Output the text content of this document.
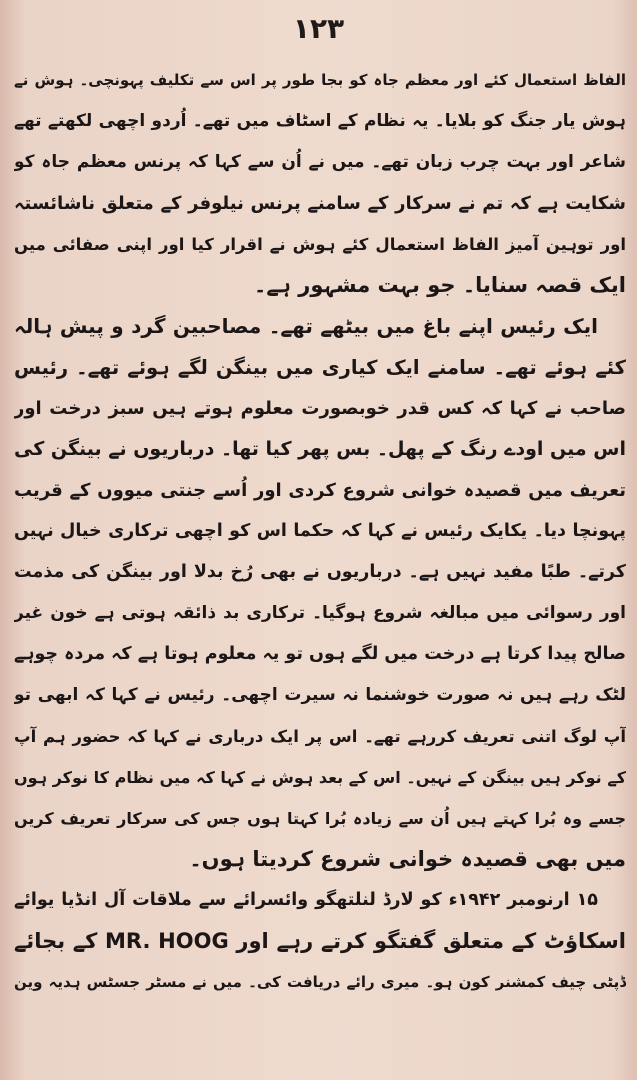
۱۲۳
الفاظ استعمال کئے اور معظم جاہ کو بجا طور پر اس سے تکلیف پہونچی۔ ہوش نے
ہوش یار جنگ کو بلایا۔ یہ نظام کے اسٹاف میں تھے۔ اُردو اچھی لکھتے تھے
شاعر اور بہت چرب زبان تھے۔ میں نے اُن سے کہا کہ پرنس معظم جاہ کو
شکایت ہے کہ تم نے سرکار کے سامنے پرنس نیلوفر کے متعلق ناشائستہ
اور توہین آمیز الفاظ استعمال کئے ہوش نے اقرار کیا اور اپنی صفائی میں
ایک قصہ سنایا۔ جو بہت مشہور ہے۔
ایک رئیس اپنے باغ میں بیٹھے تھے۔ مصاحبین گرد و پیش ہالہ
کئے ہوئے تھے۔ سامنے ایک کیاری میں بینگن لگے ہوئے تھے۔ رئیس
صاحب نے کہا کہ کس قدر خوبصورت معلوم ہوتے ہیں سبز درخت اور
اس میں اودے رنگ کے پھل۔ بس پھر کیا تھا۔ درباریوں نے بینگن کی
تعریف میں قصیدہ خوانی شروع کردی اور اُسے جنتی میووں کے قریب
پہونچا دیا۔ یکایک رئیس نے کہا کہ حکما اس کو اچھی ترکاری خیال نہیں
کرتے۔ طبًا مفید نہیں ہے۔ درباریوں نے بھی رُخ بدلا اور بینگن کی مذمت
اور رسوائی میں مبالغہ شروع ہوگیا۔ ترکاری بد ذائقہ ہوتی ہے خون غیر
صالح پیدا کرتا ہے درخت میں لگے ہوں تو یہ معلوم ہوتا ہے کہ مردہ چوہے
لٹک رہے ہیں نہ صورت خوشنما نہ سیرت اچھی۔ رئیس نے کہا کہ ابھی تو
آپ لوگ اتنی تعریف کررہے تھے۔ اس پر ایک درباری نے کہا کہ حضور ہم آپ
کے نوکر ہیں بینگن کے نہیں۔ اس کے بعد ہوش نے کہا کہ میں نظام کا نوکر ہوں
جسے وہ بُرا کہتے ہیں اُن سے زیادہ بُرا کہتا ہوں جس کی سرکار تعریف کریں
میں بھی قصیدہ خوانی شروع کردیتا ہوں۔
۱۵ ارنومبر ۱۹۴۲ء کو لارڈ لنلتھگو وائسرائے سے ملاقات آل انڈیا یوائے
اسکاؤٹ کے متعلق گفتگو کرتے رہے اور MR. HOOG کے بجائے
ڈپٹی چیف کمشنر کون ہو۔ میری رائے دریافت کی۔ میں نے مسٹر جسٹس ہدیہ وین
